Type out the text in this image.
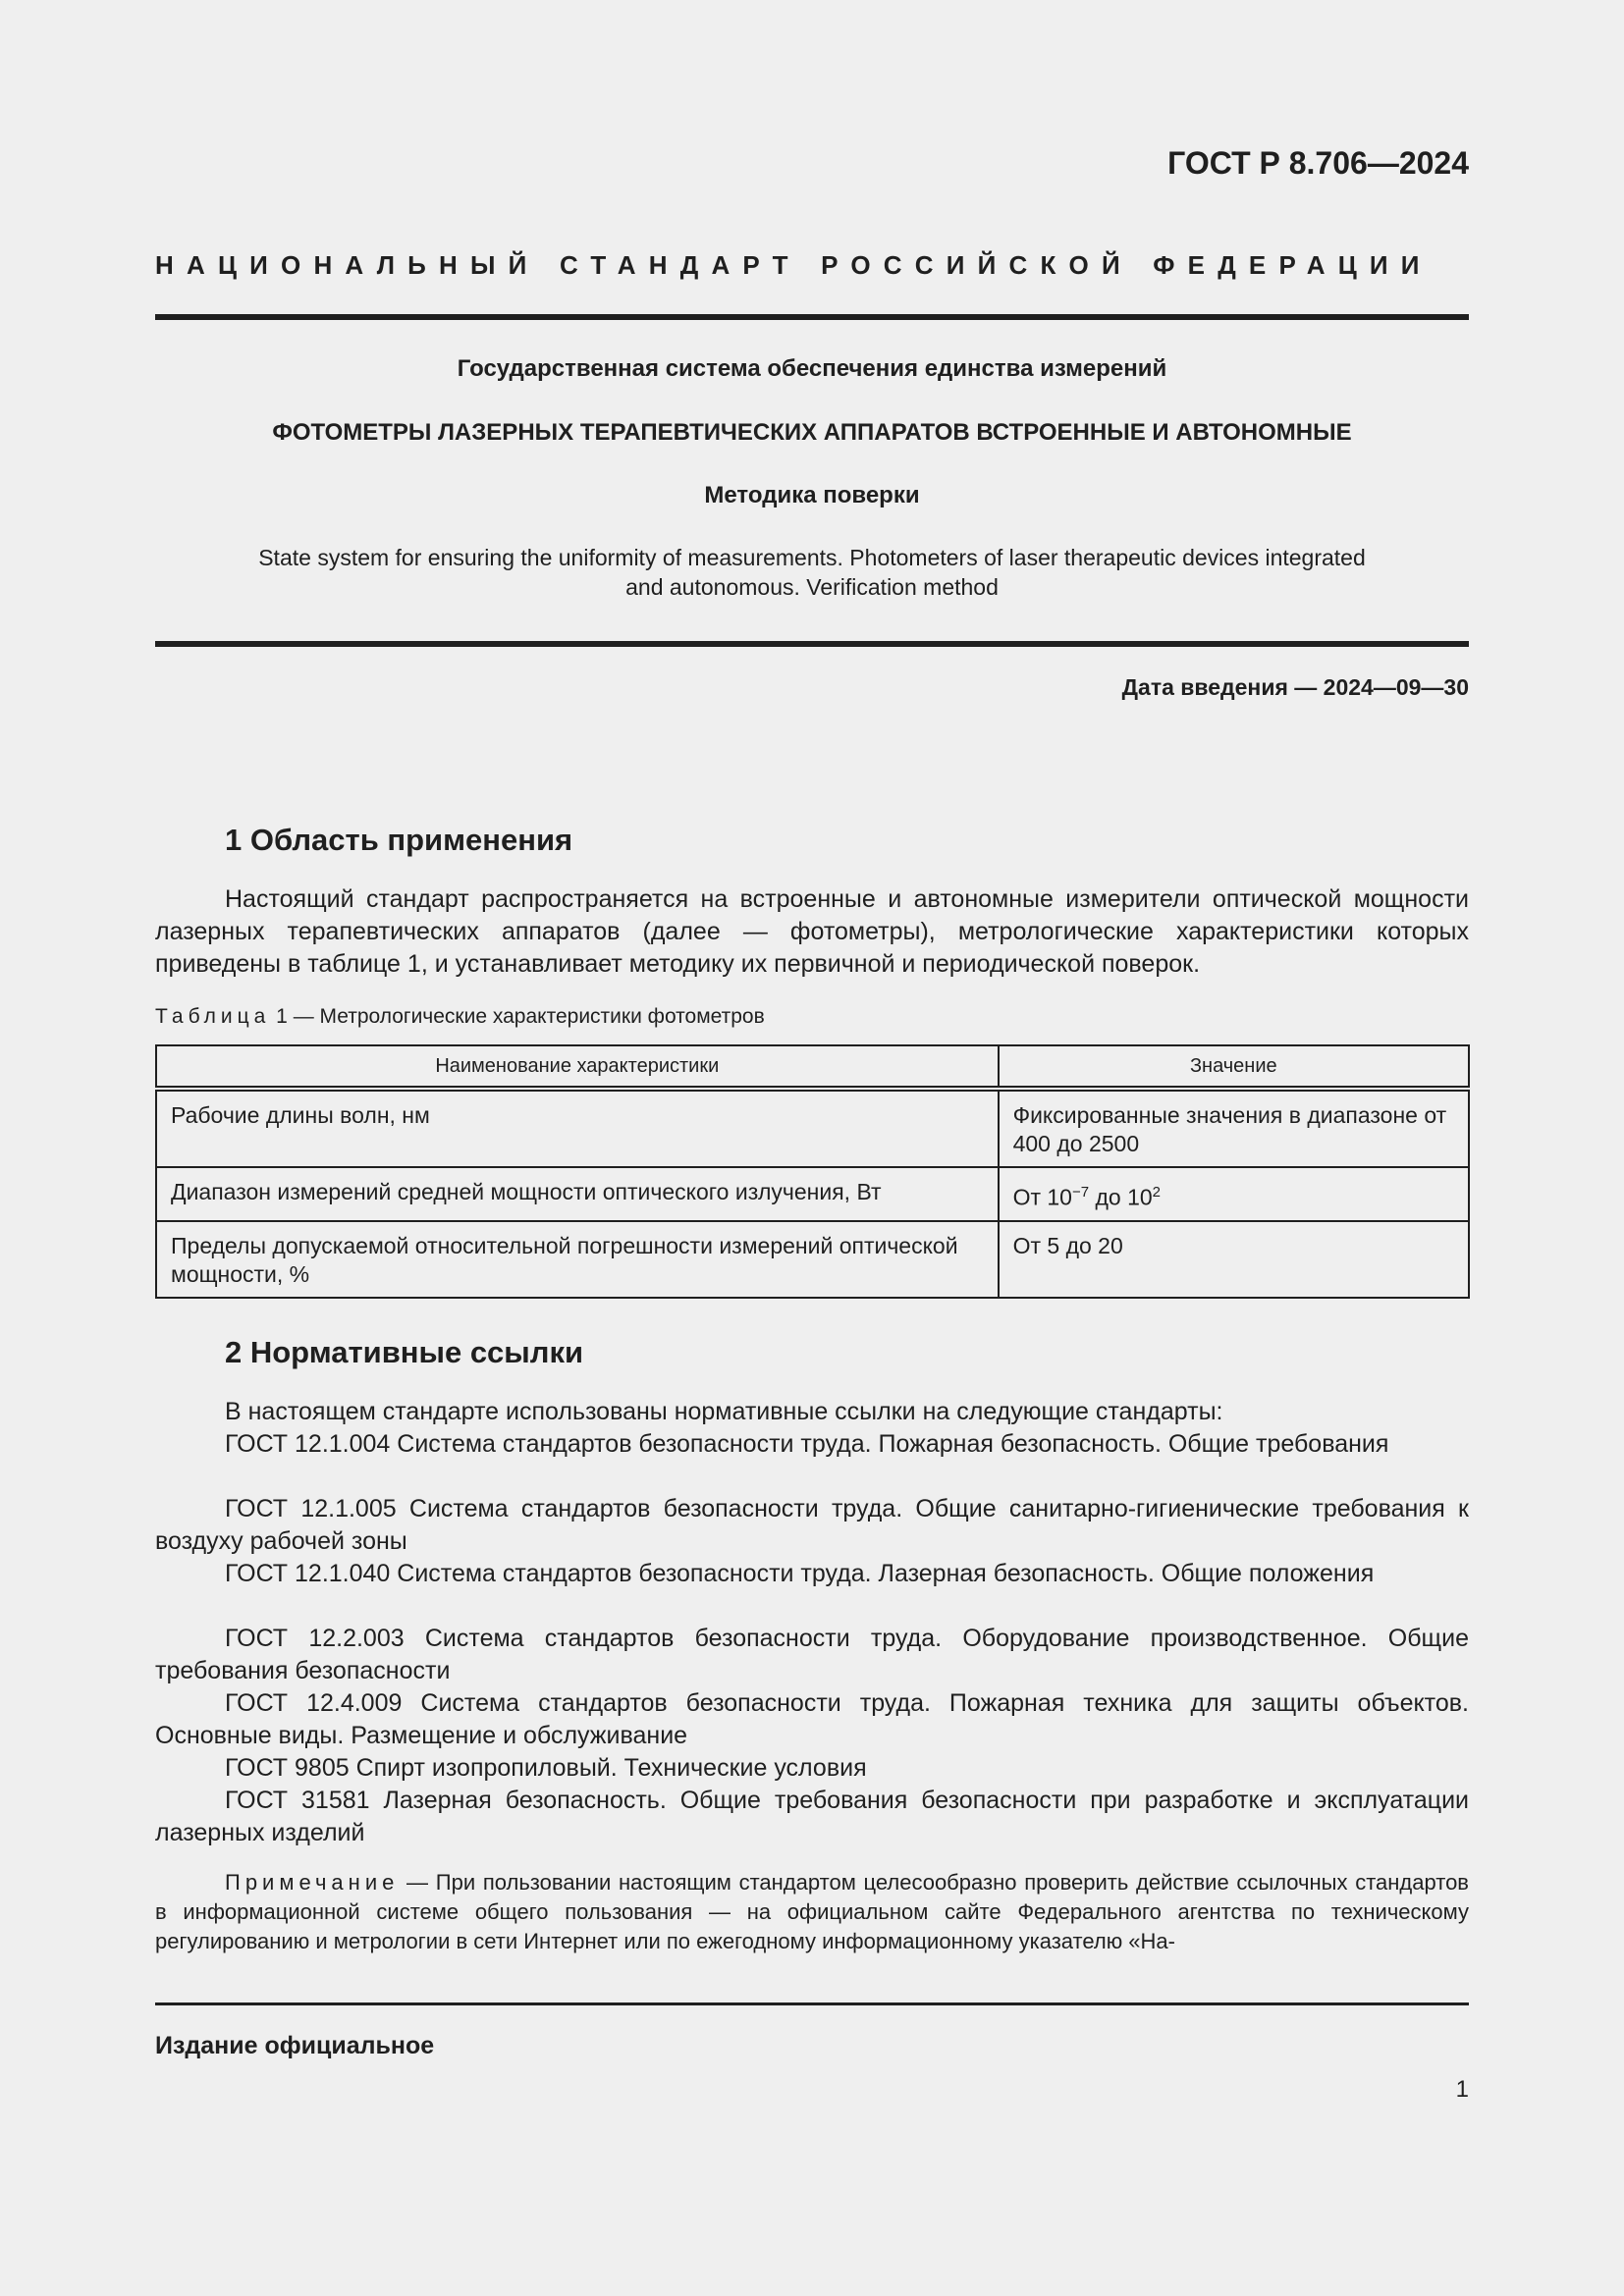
ГОСТ Р 8.706—2024
НАЦИОНАЛЬНЫЙ СТАНДАРТ РОССИЙСКОЙ ФЕДЕРАЦИИ
Государственная система обеспечения единства измерений
ФОТОМЕТРЫ ЛАЗЕРНЫХ ТЕРАПЕВТИЧЕСКИХ АППАРАТОВ ВСТРОЕННЫЕ И АВТОНОМНЫЕ
Методика поверки
State system for ensuring the uniformity of measurements. Photometers of laser therapeutic devices integrated
and autonomous. Verification method
Дата введения — 2024—09—30
1 Область применения
Настоящий стандарт распространяется на встроенные и автономные измерители оптической мощности лазерных терапевтических аппаратов (далее — фотометры), метрологические характеристики которых приведены в таблице 1, и устанавливает методику их первичной и периодической поверок.
Таблица 1 — Метрологические характеристики фотометров
Наименование характеристики	Значение
Рабочие длины волн, нм	Фиксированные значения в диапазоне от 400 до 2500
Диапазон измерений средней мощности оптического излучения, Вт	От $10^{-7}$ до $10^2$
Пределы допускаемой относительной погрешности измерений оптической мощности, %	От 5 до 20
2 Нормативные ссылки
В настоящем стандарте использованы нормативные ссылки на следующие стандарты:
ГОСТ 12.1.004 Система стандартов безопасности труда. Пожарная безопасность. Общие требования
ГОСТ 12.1.005 Система стандартов безопасности труда. Общие санитарно-гигиенические требования к воздуху рабочей зоны
ГОСТ 12.1.040 Система стандартов безопасности труда. Лазерная безопасность. Общие положения
ГОСТ 12.2.003 Система стандартов безопасности труда. Оборудование производственное. Общие требования безопасности
ГОСТ 12.4.009 Система стандартов безопасности труда. Пожарная техника для защиты объектов. Основные виды. Размещение и обслуживание
ГОСТ 9805 Спирт изопропиловый. Технические условия
ГОСТ 31581 Лазерная безопасность. Общие требования безопасности при разработке и эксплуатации лазерных изделий
Примечание — При пользовании настоящим стандартом целесообразно проверить действие ссылочных стандартов в информационной системе общего пользования — на официальном сайте Федерального агентства по техническому регулированию и метрологии в сети Интернет или по ежегодному информационному указателю «На-
Издание официальное
1
